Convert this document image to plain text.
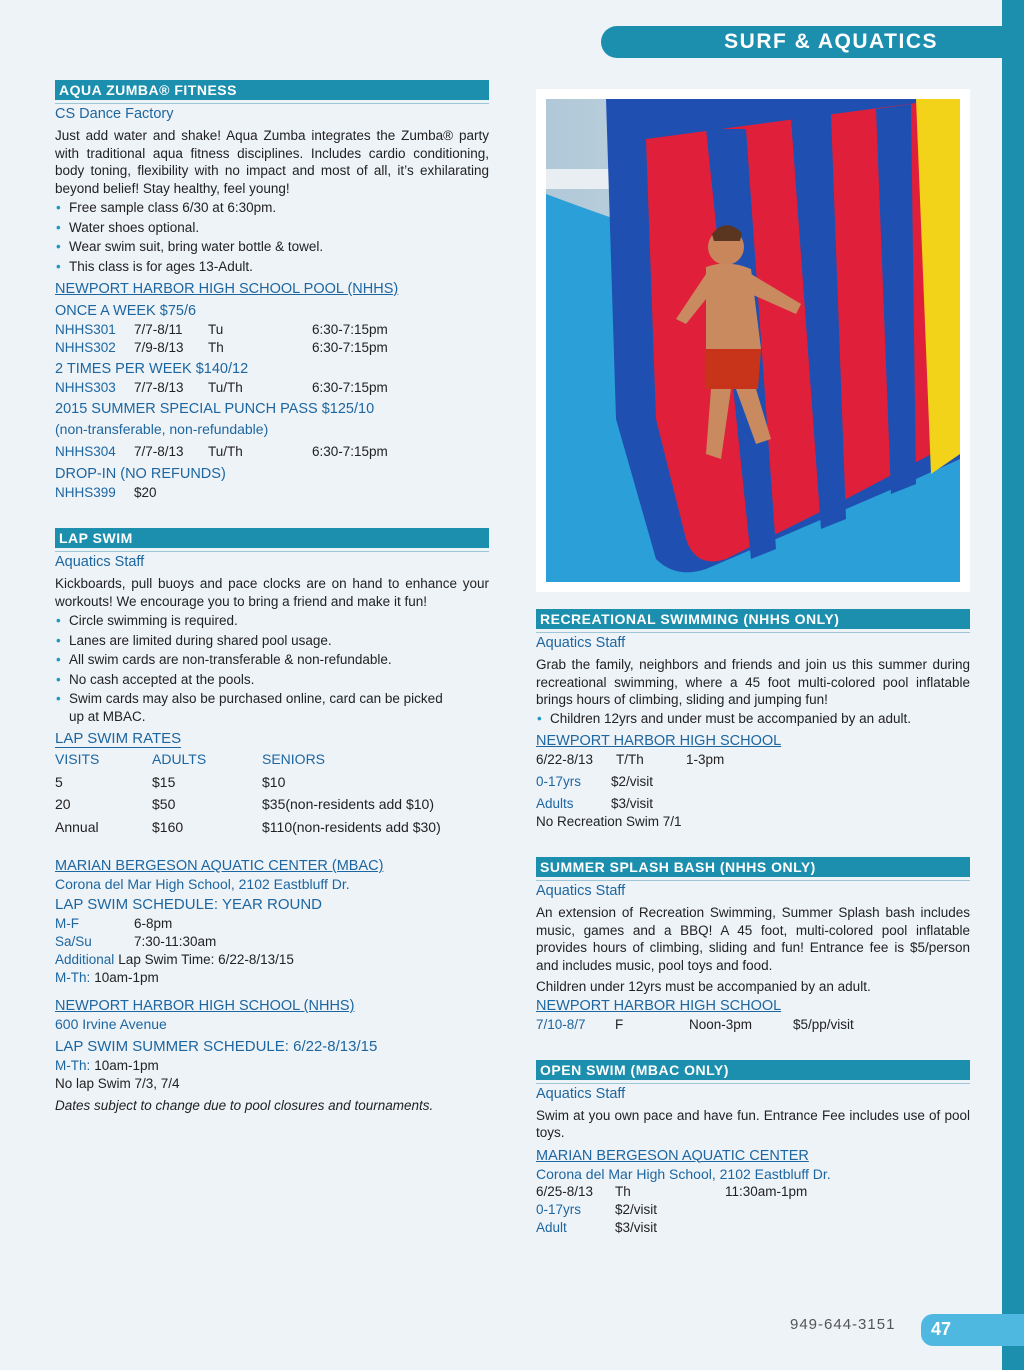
SURF & AQUATICS
AQUA ZUMBA® FITNESS
CS Dance Factory
Just add water and shake! Aqua Zumba integrates the Zumba® party with traditional aqua fitness disciplines. Includes cardio conditioning, body toning, flexibility with no impact and most of all, it’s exhilarating beyond belief! Stay healthy, feel young!
• Free sample class 6/30 at 6:30pm.
• Water shoes optional.
• Wear swim suit, bring water bottle & towel.
• This class is for ages 13-Adult.
NEWPORT HARBOR HIGH SCHOOL POOL (NHHS)
ONCE A WEEK $75/6
NHHS301	7/7-8/11	Tu	6:30-7:15pm
NHHS302	7/9-8/13	Th	6:30-7:15pm
2 TIMES PER WEEK $140/12
NHHS303	7/7-8/13	Tu/Th	6:30-7:15pm
2015 SUMMER SPECIAL PUNCH PASS $125/10
(non-transferable, non-refundable)
NHHS304	7/7-8/13	Tu/Th	6:30-7:15pm
DROP-IN (NO REFUNDS)
NHHS399	$20
LAP SWIM
Aquatics Staff
Kickboards, pull buoys and pace clocks are on hand to enhance your workouts! We encourage you to bring a friend and make it fun!
• Circle swimming is required.
• Lanes are limited during shared pool usage.
• All swim cards are non-transferable & non-refundable.
• No cash accepted at the pools.
• Swim cards may also be purchased online, card can be picked up at MBAC.
LAP SWIM RATES
VISITS	ADULTS	SENIORS
5	$15	$10
20	$50	$35(non-residents add $10)
Annual	$160	$110(non-residents add $30)
MARIAN BERGESON AQUATIC CENTER (MBAC)
Corona del Mar High School, 2102 Eastbluff Dr.
LAP SWIM SCHEDULE: YEAR ROUND
M-F	6-8pm
Sa/Su	7:30-11:30am
Additional Lap Swim Time: 6/22-8/13/15
M-Th: 10am-1pm
NEWPORT HARBOR HIGH SCHOOL (NHHS)
600 Irvine Avenue
LAP SWIM SUMMER SCHEDULE: 6/22-8/13/15
M-Th: 10am-1pm
No lap Swim 7/3, 7/4
Dates subject to change due to pool closures and tournaments.
RECREATIONAL SWIMMING (NHHS ONLY)
Aquatics Staff
Grab the family, neighbors and friends and join us this summer during recreational swimming, where a 45 foot multi-colored pool inflatable brings hours of climbing, sliding and jumping fun!
• Children 12yrs and under must be accompanied by an adult.
NEWPORT HARBOR HIGH SCHOOL
6/22-8/13	T/Th	1-3pm
0-17yrs	$2/visit
Adults	$3/visit
No Recreation Swim 7/1
SUMMER SPLASH BASH (NHHS ONLY)
Aquatics Staff
An extension of Recreation Swimming, Summer Splash bash includes music, games and a BBQ! A 45 foot, multi-colored pool inflatable provides hours of climbing, sliding and fun! Entrance fee is $5/person and includes music, pool toys and food.
Children under 12yrs must be accompanied by an adult.
NEWPORT HARBOR HIGH SCHOOL
7/10-8/7	F	Noon-3pm	$5/pp/visit
OPEN SWIM (MBAC ONLY)
Aquatics Staff
Swim at you own pace and have fun. Entrance Fee includes use of pool toys.
MARIAN BERGESON AQUATIC CENTER
Corona del Mar High School, 2102 Eastbluff Dr.
6/25-8/13	Th	11:30am-1pm
0-17yrs	$2/visit
Adult	$3/visit
949-644-3151	47
